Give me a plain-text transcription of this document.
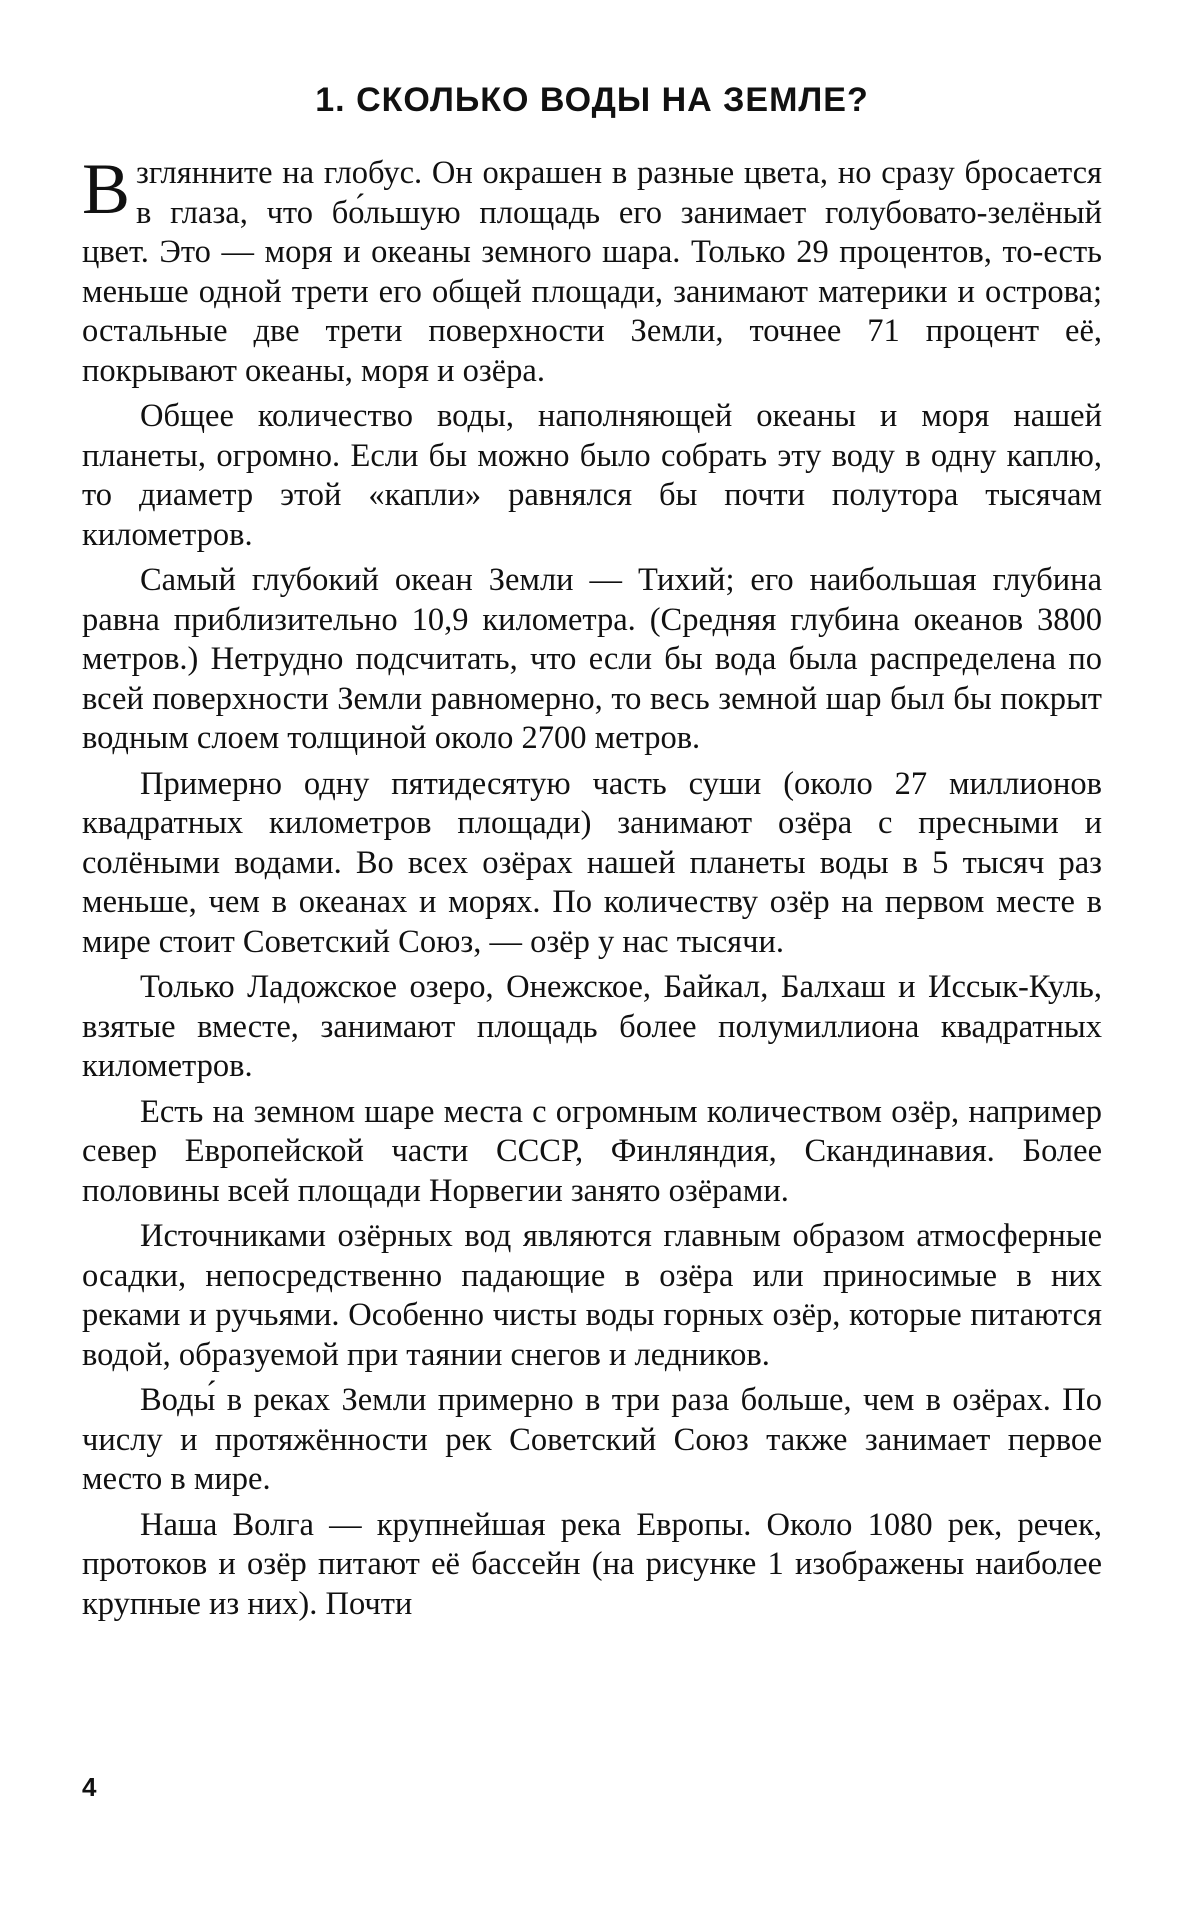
1. СКОЛЬКО ВОДЫ НА ЗЕМЛЕ?

Взглянните на глобус. Он окрашен в разные цвета, но сразу бросается в глаза, что бо́льшую площадь его занимает голубовато-зелёный цвет. Это — моря и океаны земного шара. Только 29 процентов, то-есть меньше одной трети его общей площади, занимают материки и острова; остальные две трети поверхности Земли, точнее 71 процент её, покрывают океаны, моря и озёра.

Общее количество воды, наполняющей океаны и моря нашей планеты, огромно. Если бы можно было собрать эту воду в одну каплю, то диаметр этой «капли» равнялся бы почти полутора тысячам километров.

Самый глубокий океан Земли — Тихий; его наибольшая глубина равна приблизительно 10,9 километра. (Средняя глубина океанов 3800 метров.) Нетрудно подсчитать, что если бы вода была распределена по всей поверхности Земли равномерно, то весь земной шар был бы покрыт водным слоем толщиной около 2700 метров.

Примерно одну пятидесятую часть суши (около 27 миллионов квадратных километров площади) занимают озёра с пресными и солёными водами. Во всех озёрах нашей планеты воды в 5 тысяч раз меньше, чем в океанах и морях. По количеству озёр на первом месте в мире стоит Советский Союз, — озёр у нас тысячи.

Только Ладожское озеро, Онежское, Байкал, Балхаш и Иссык-Куль, взятые вместе, занимают площадь более полумиллиона квадратных километров.

Есть на земном шаре места с огромным количеством озёр, например север Европейской части СССР, Финляндия, Скандинавия. Более половины всей площади Норвегии занято озёрами.

Источниками озёрных вод являются главным образом атмосферные осадки, непосредственно падающие в озёра или приносимые в них реками и ручьями. Особенно чисты воды горных озёр, которые питаются водой, образуемой при таянии снегов и ледников.

Воды́ в реках Земли примерно в три раза больше, чем в озёрах. По числу и протяжённости рек Советский Союз также занимает первое место в мире.

Наша Волга — крупнейшая река Европы. Около 1080 рек, речек, протоков и озёр питают её бассейн (на рисунке 1 изображены наиболее крупные из них). Почти

4
